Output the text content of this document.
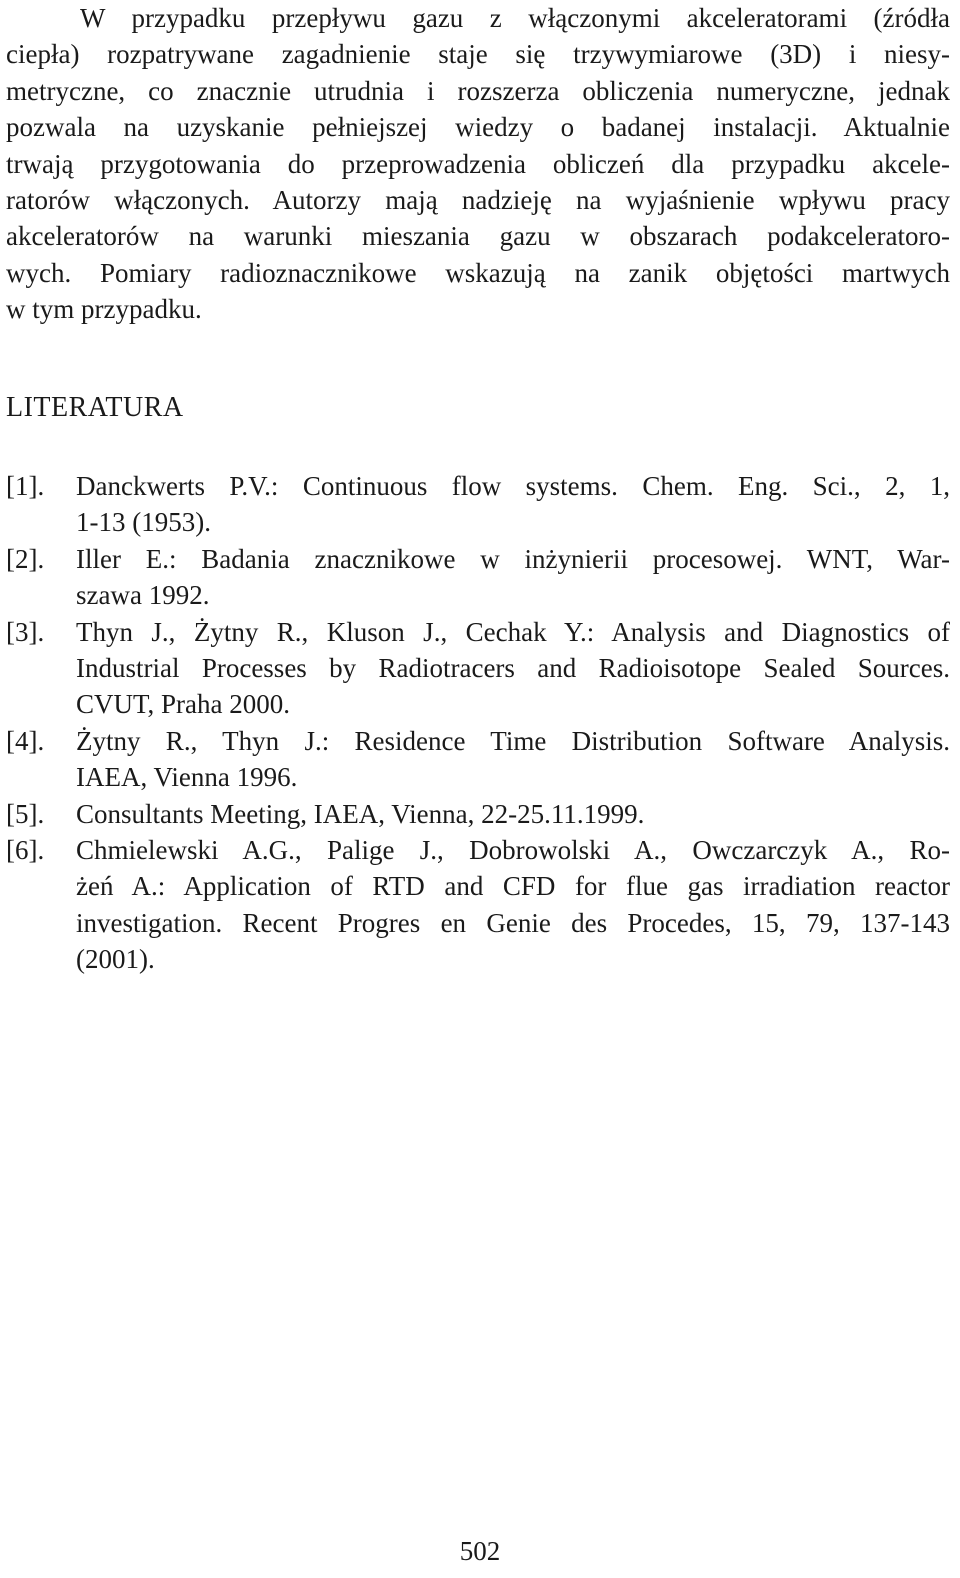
W przypadku przepływu gazu z włączonymi akceleratorami (źródła
ciepła) rozpatrywane zagadnienie staje się trzywymiarowe (3D) i niesy-
metryczne, co znacznie utrudnia i rozszerza obliczenia numeryczne, jednak
pozwala na uzyskanie pełniejszej wiedzy o badanej instalacji. Aktualnie
trwają przygotowania do przeprowadzenia obliczeń dla przypadku akcele-
ratorów włączonych. Autorzy mają nadzieję na wyjaśnienie wpływu pracy
akceleratorów na warunki mieszania gazu w obszarach podakceleratoro-
wych. Pomiary radioznacznikowe wskazują na zanik objętości martwych
w tym przypadku.
LITERATURA
[1]. Danckwerts P.V.: Continuous flow systems. Chem. Eng. Sci., 2, 1,
1-13 (1953).
[2]. Iller E.: Badania znacznikowe w inżynierii procesowej. WNT, War-
szawa 1992.
[3]. Thyn J., Żytny R., Kluson J., Cechak Y.: Analysis and Diagnostics of
Industrial Processes by Radiotracers and Radioisotope Sealed Sources.
CVUT, Praha 2000.
[4]. Żytny R., Thyn J.: Residence Time Distribution Software Analysis.
IAEA, Vienna 1996.
[5]. Consultants Meeting, IAEA, Vienna, 22-25.11.1999.
[6]. Chmielewski A.G., Palige J., Dobrowolski A., Owczarczyk A., Ro-
żeń A.: Application of RTD and CFD for flue gas irradiation reactor
investigation. Recent Progres en Genie des Procedes, 15, 79, 137-143
(2001).

502
